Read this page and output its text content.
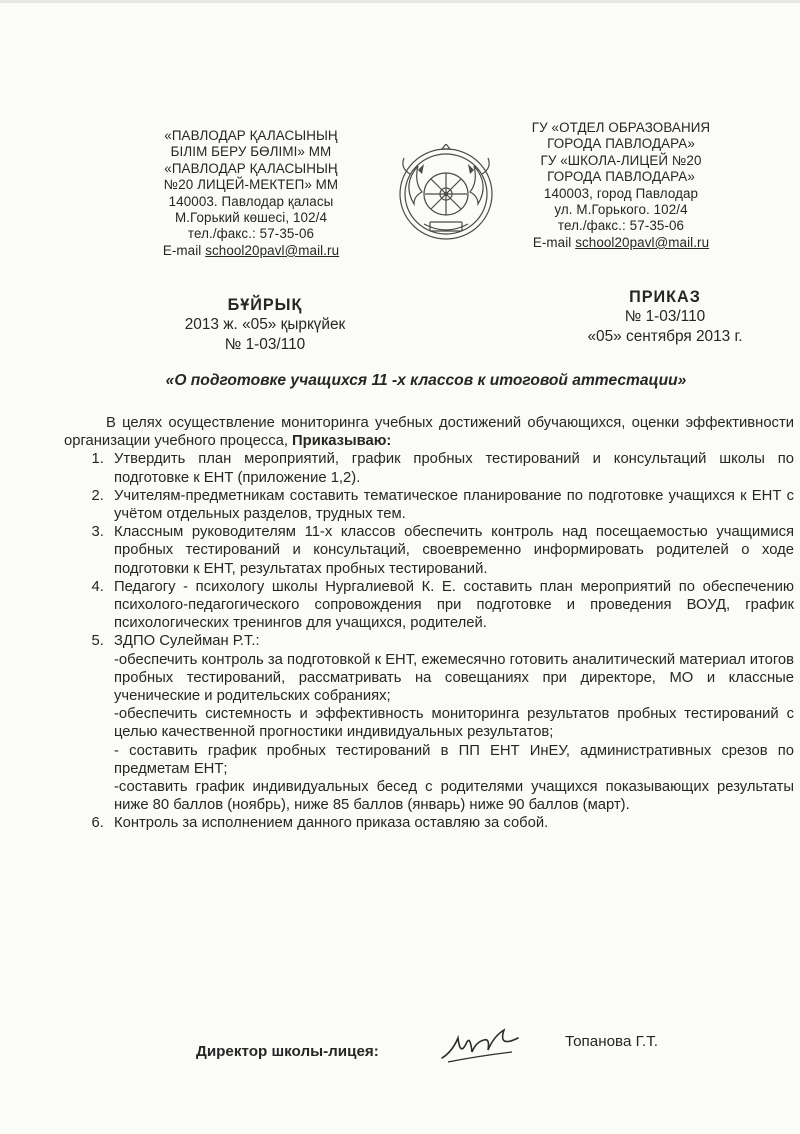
«ПАВЛОДАР ҚАЛАСЫНЫҢ
БІЛІМ БЕРУ БӨЛІМІ» ММ
«ПАВЛОДАР ҚАЛАСЫНЫҢ
№20 ЛИЦЕЙ-МЕКТЕП» ММ
140003. Павлодар қаласы
М.Горький көшесі, 102/4
тел./факс.: 57-35-06
E-mail school20pavl@mail.ru
ГУ «ОТДЕЛ ОБРАЗОВАНИЯ
ГОРОДА ПАВЛОДАРА»
ГУ «ШКОЛА-ЛИЦЕЙ №20
ГОРОДА ПАВЛОДАРА»
140003, город Павлодар
ул. М.Горького. 102/4
тел./факс.: 57-35-06
E-mail school20pavl@mail.ru
БҰЙРЫҚ
2013 ж. «05» қыркүйек
№ 1-03/110
ПРИКАЗ
№ 1-03/110
«05» сентября 2013 г.
«О подготовке учащихся 11 -х классов к итоговой аттестации»

В целях осуществление мониторинга учебных достижений обучающихся, оценки эффективности организации учебного процесса, Приказываю:

1. Утвердить план мероприятий, график пробных тестирований и консультаций школы по подготовке к ЕНТ (приложение 1,2).
2. Учителям-предметникам составить тематическое планирование по подготовке учащихся к ЕНТ с учётом отдельных разделов, трудных тем.
3. Классным руководителям 11-х классов обеспечить контроль над посещаемостью учащимися пробных тестирований и консультаций, своевременно информировать родителей о ходе подготовки к ЕНТ, результатах пробных тестирований.
4. Педагогу - психологу школы Нургалиевой К. Е. составить план мероприятий по обеспечению психолого-педагогического сопровождения при подготовке и проведения ВОУД, график психологических тренингов для учащихся, родителей.
5. ЗДПО Сулейман Р.Т.:
-обеспечить контроль за подготовкой к ЕНТ, ежемесячно готовить аналитический материал итогов пробных тестирований, рассматривать на совещаниях при директоре, МО и классные ученические и родительских собраниях;
-обеспечить системность и эффективность мониторинга результатов пробных тестирований с целью качественной прогностики индивидуальных результатов;
- составить график пробных тестирований в ПП ЕНТ ИнЕУ, административных срезов по предметам ЕНТ;
-составить график индивидуальных бесед с родителями учащихся показывающих результаты ниже 80 баллов (ноябрь), ниже 85 баллов (январь) ниже 90 баллов (март).
6. Контроль за исполнением данного приказа оставляю за собой.
Директор школы-лицея:
Топанова Г.Т.
